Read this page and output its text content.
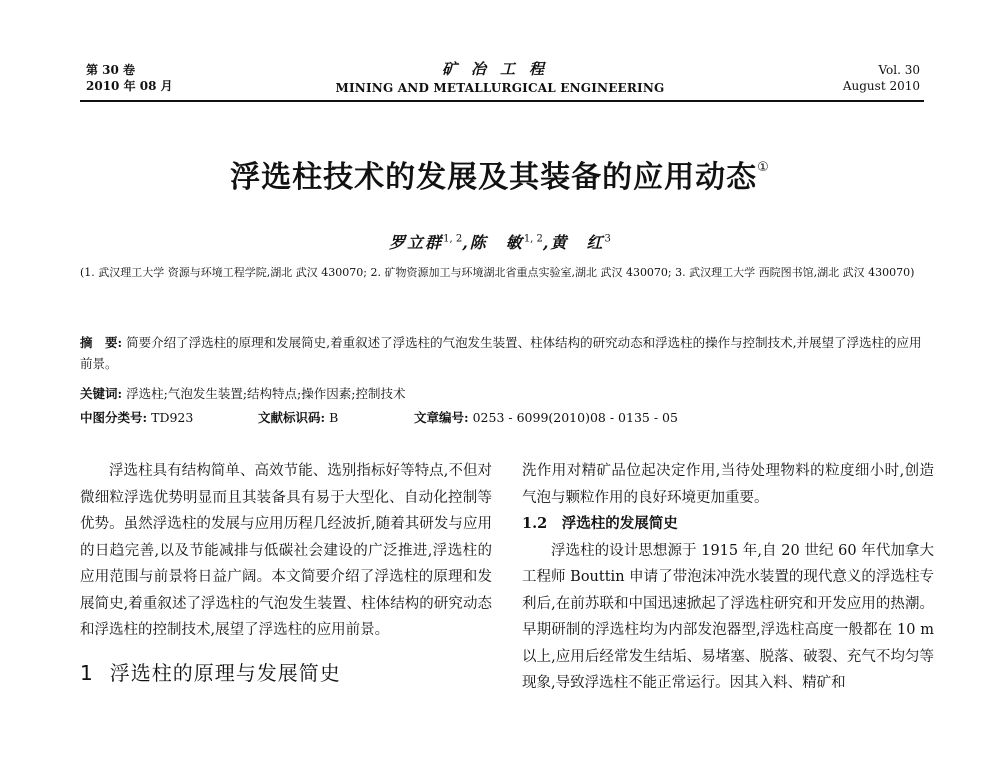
第 30 卷
2010 年 08 月
矿冶工程
MINING AND METALLURGICAL ENGINEERING
Vol. 30
August 2010
浮选柱技术的发展及其装备的应用动态①
罗立群$^{1, 2}$,陈　敏$^{1, 2}$,黄　红$^3$
(1. 武汉理工大学 资源与环境工程学院,湖北 武汉 430070; 2. 矿物资源加工与环境湖北省重点实验室,湖北 武汉 430070; 3. 武汉理工大学 西院图书馆,湖北 武汉 430070)
摘　要: 简要介绍了浮选柱的原理和发展简史,着重叙述了浮选柱的气泡发生装置、柱体结构的研究动态和浮选柱的操作与控制技术,并展望了浮选柱的应用前景。
关键词: 浮选柱;气泡发生装置;结构特点;操作因素;控制技术
中图分类号: TD923	文献标识码: B	文章编号: 0253 - 6099(2010)08 - 0135 - 05

浮选柱具有结构简单、高效节能、选别指标好等特点,不但对微细粒浮选优势明显而且其装备具有易于大型化、自动化控制等优势。虽然浮选柱的发展与应用历程几经波折,随着其研发与应用的日趋完善,以及节能减排与低碳社会建设的广泛推进,浮选柱的应用范围与前景将日益广阔。本文简要介绍了浮选柱的原理和发展简史,着重叙述了浮选柱的气泡发生装置、柱体结构的研究动态和浮选柱的控制技术,展望了浮选柱的应用前景。

1 浮选柱的原理与发展简史

洗作用对精矿品位起决定作用,当待处理物料的粒度细小时,创造气泡与颗粒作用的良好环境更加重要。

1.2　浮选柱的发展简史

浮选柱的设计思想源于 1915 年,自 20 世纪 60 年代加拿大工程师 Bouttin 申请了带泡沫冲洗水装置的现代意义的浮选柱专利后,在前苏联和中国迅速掀起了浮选柱研究和开发应用的热潮。早期研制的浮选柱均为内部发泡器型,浮选柱高度一般都在 10 m 以上,应用后经常发生结垢、易堵塞、脱落、破裂、充气不均匀等现象,导致浮选柱不能正常运行。因其入料、精矿和
